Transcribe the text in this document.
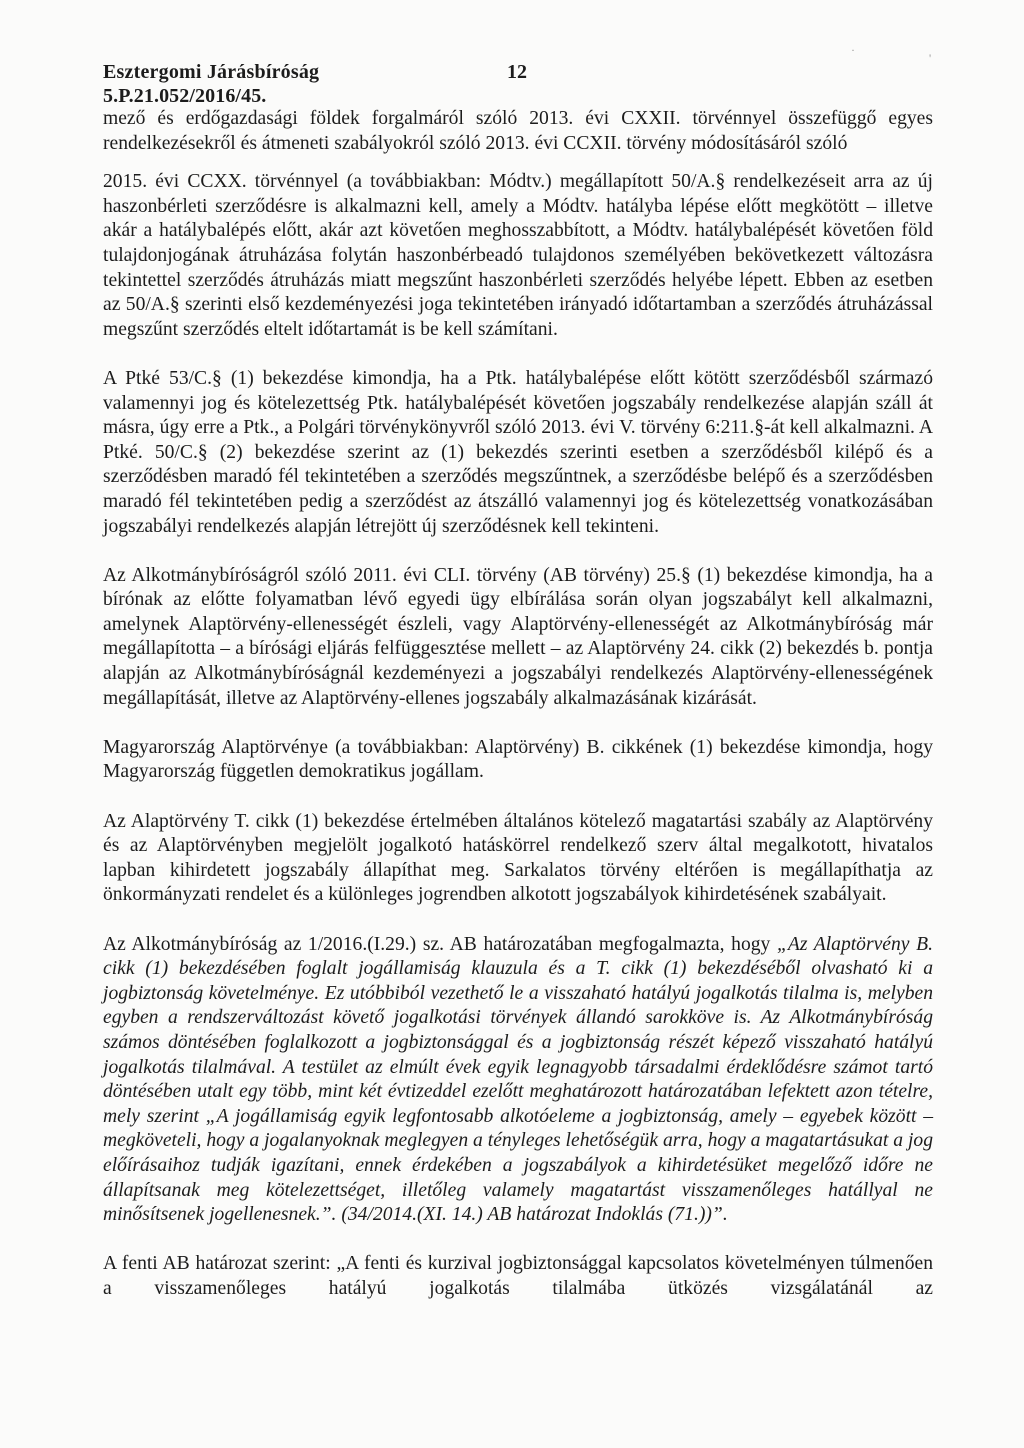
·
'
Esztergomi Járásbíróság	12
5.P.21.052/2016/45.

mező és erdőgazdasági földek forgalmáról szóló 2013. évi CXXII. törvénnyel összefüggő egyes rendelkezésekről és átmeneti szabályokról szóló 2013. évi CCXII. törvény módosításáról szóló

2015. évi CCXX. törvénnyel (a továbbiakban: Módtv.) megállapított 50/A.§ rendelkezéseit arra az új haszonbérleti szerződésre is alkalmazni kell, amely a Módtv. hatályba lépése előtt megkötött – illetve akár a hatálybalépés előtt, akár azt követően meghosszabbított, a Módtv. hatálybalépését követően föld tulajdonjogának átruházása folytán haszonbérbeadó tulajdonos személyében bekövetkezett változásra tekintettel szerződés átruházás miatt megszűnt haszonbérleti szerződés helyébe lépett. Ebben az esetben az 50/A.§ szerinti első kezdeményezési joga tekintetében irányadó időtartamban a szerződés átruházással megszűnt szerződés eltelt időtartamát is be kell számítani.

A Ptké 53/C.§ (1) bekezdése kimondja, ha a Ptk. hatálybalépése előtt kötött szerződésből származó valamennyi jog és kötelezettség Ptk. hatálybalépését követően jogszabály rendelkezése alapján száll át másra, úgy erre a Ptk., a Polgári törvénykönyvről szóló 2013. évi V. törvény 6:211.§-át kell alkalmazni. A Ptké. 50/C.§ (2) bekezdése szerint az (1) bekezdés szerinti esetben a szerződésből kilépő és a szerződésben maradó fél tekintetében a szerződés megszűntnek, a szerződésbe belépő és a szerződésben maradó fél tekintetében pedig a szerződést az átszálló valamennyi jog és kötelezettség vonatkozásában jogszabályi rendelkezés alapján létrejött új szerződésnek kell tekinteni.

Az Alkotmánybíróságról szóló 2011. évi CLI. törvény (AB törvény) 25.§ (1) bekezdése kimondja, ha a bírónak az előtte folyamatban lévő egyedi ügy elbírálása során olyan jogszabályt kell alkalmazni, amelynek Alaptörvény-ellenességét észleli, vagy Alaptörvény-ellenességét az Alkotmánybíróság már megállapította – a bírósági eljárás felfüggesztése mellett – az Alaptörvény 24. cikk (2) bekezdés b. pontja alapján az Alkotmánybíróságnál kezdeményezi a jogszabályi rendelkezés Alaptörvény-ellenességének megállapítását, illetve az Alaptörvény-ellenes jogszabály alkalmazásának kizárását.

Magyarország Alaptörvénye (a továbbiakban: Alaptörvény) B. cikkének (1) bekezdése kimondja, hogy Magyarország független demokratikus jogállam.

Az Alaptörvény T. cikk (1) bekezdése értelmében általános kötelező magatartási szabály az Alaptörvény és az Alaptörvényben megjelölt jogalkotó hatáskörrel rendelkező szerv által megalkotott, hivatalos lapban kihirdetett jogszabály állapíthat meg. Sarkalatos törvény eltérően is megállapíthatja az önkormányzati rendelet és a különleges jogrendben alkotott jogszabályok kihirdetésének szabályait.

Az Alkotmánybíróság az 1/2016.(I.29.) sz. AB határozatában megfogalmazta, hogy „Az Alaptörvény B. cikk (1) bekezdésében foglalt jogállamiság klauzula és a T. cikk (1) bekezdéséből olvasható ki a jogbiztonság követelménye. Ez utóbbiból vezethető le a visszaható hatályú jogalkotás tilalma is, melyben egyben a rendszerváltozást követő jogalkotási törvények állandó sarokköve is. Az Alkotmánybíróság számos döntésében foglalkozott a jogbiztonsággal és a jogbiztonság részét képező visszaható hatályú jogalkotás tilalmával. A testület az elmúlt évek egyik legnagyobb társadalmi érdeklődésre számot tartó döntésében utalt egy több, mint két évtizeddel ezelőtt meghatározott határozatában lefektett azon tételre, mely szerint „A jogállamiság egyik legfontosabb alkotóeleme a jogbiztonság, amely – egyebek között – megköveteli, hogy a jogalanyoknak meglegyen a tényleges lehetőségük arra, hogy a magatartásukat a jog előírásaihoz tudják igazítani, ennek érdekében a jogszabályok a kihirdetésüket megelőző időre ne állapítsanak meg kötelezettséget, illetőleg valamely magatartást visszamenőleges hatállyal ne minősítsenek jogellenesnek.”. (34/2014.(XI. 14.) AB határozat Indoklás (71.))”.

A fenti AB határozat szerint: „A fenti és kurzival jogbiztonsággal kapcsolatos követelményen túlmenően a visszamenőleges hatályú jogalkotás tilalmába ütközés vizsgálatánál az
